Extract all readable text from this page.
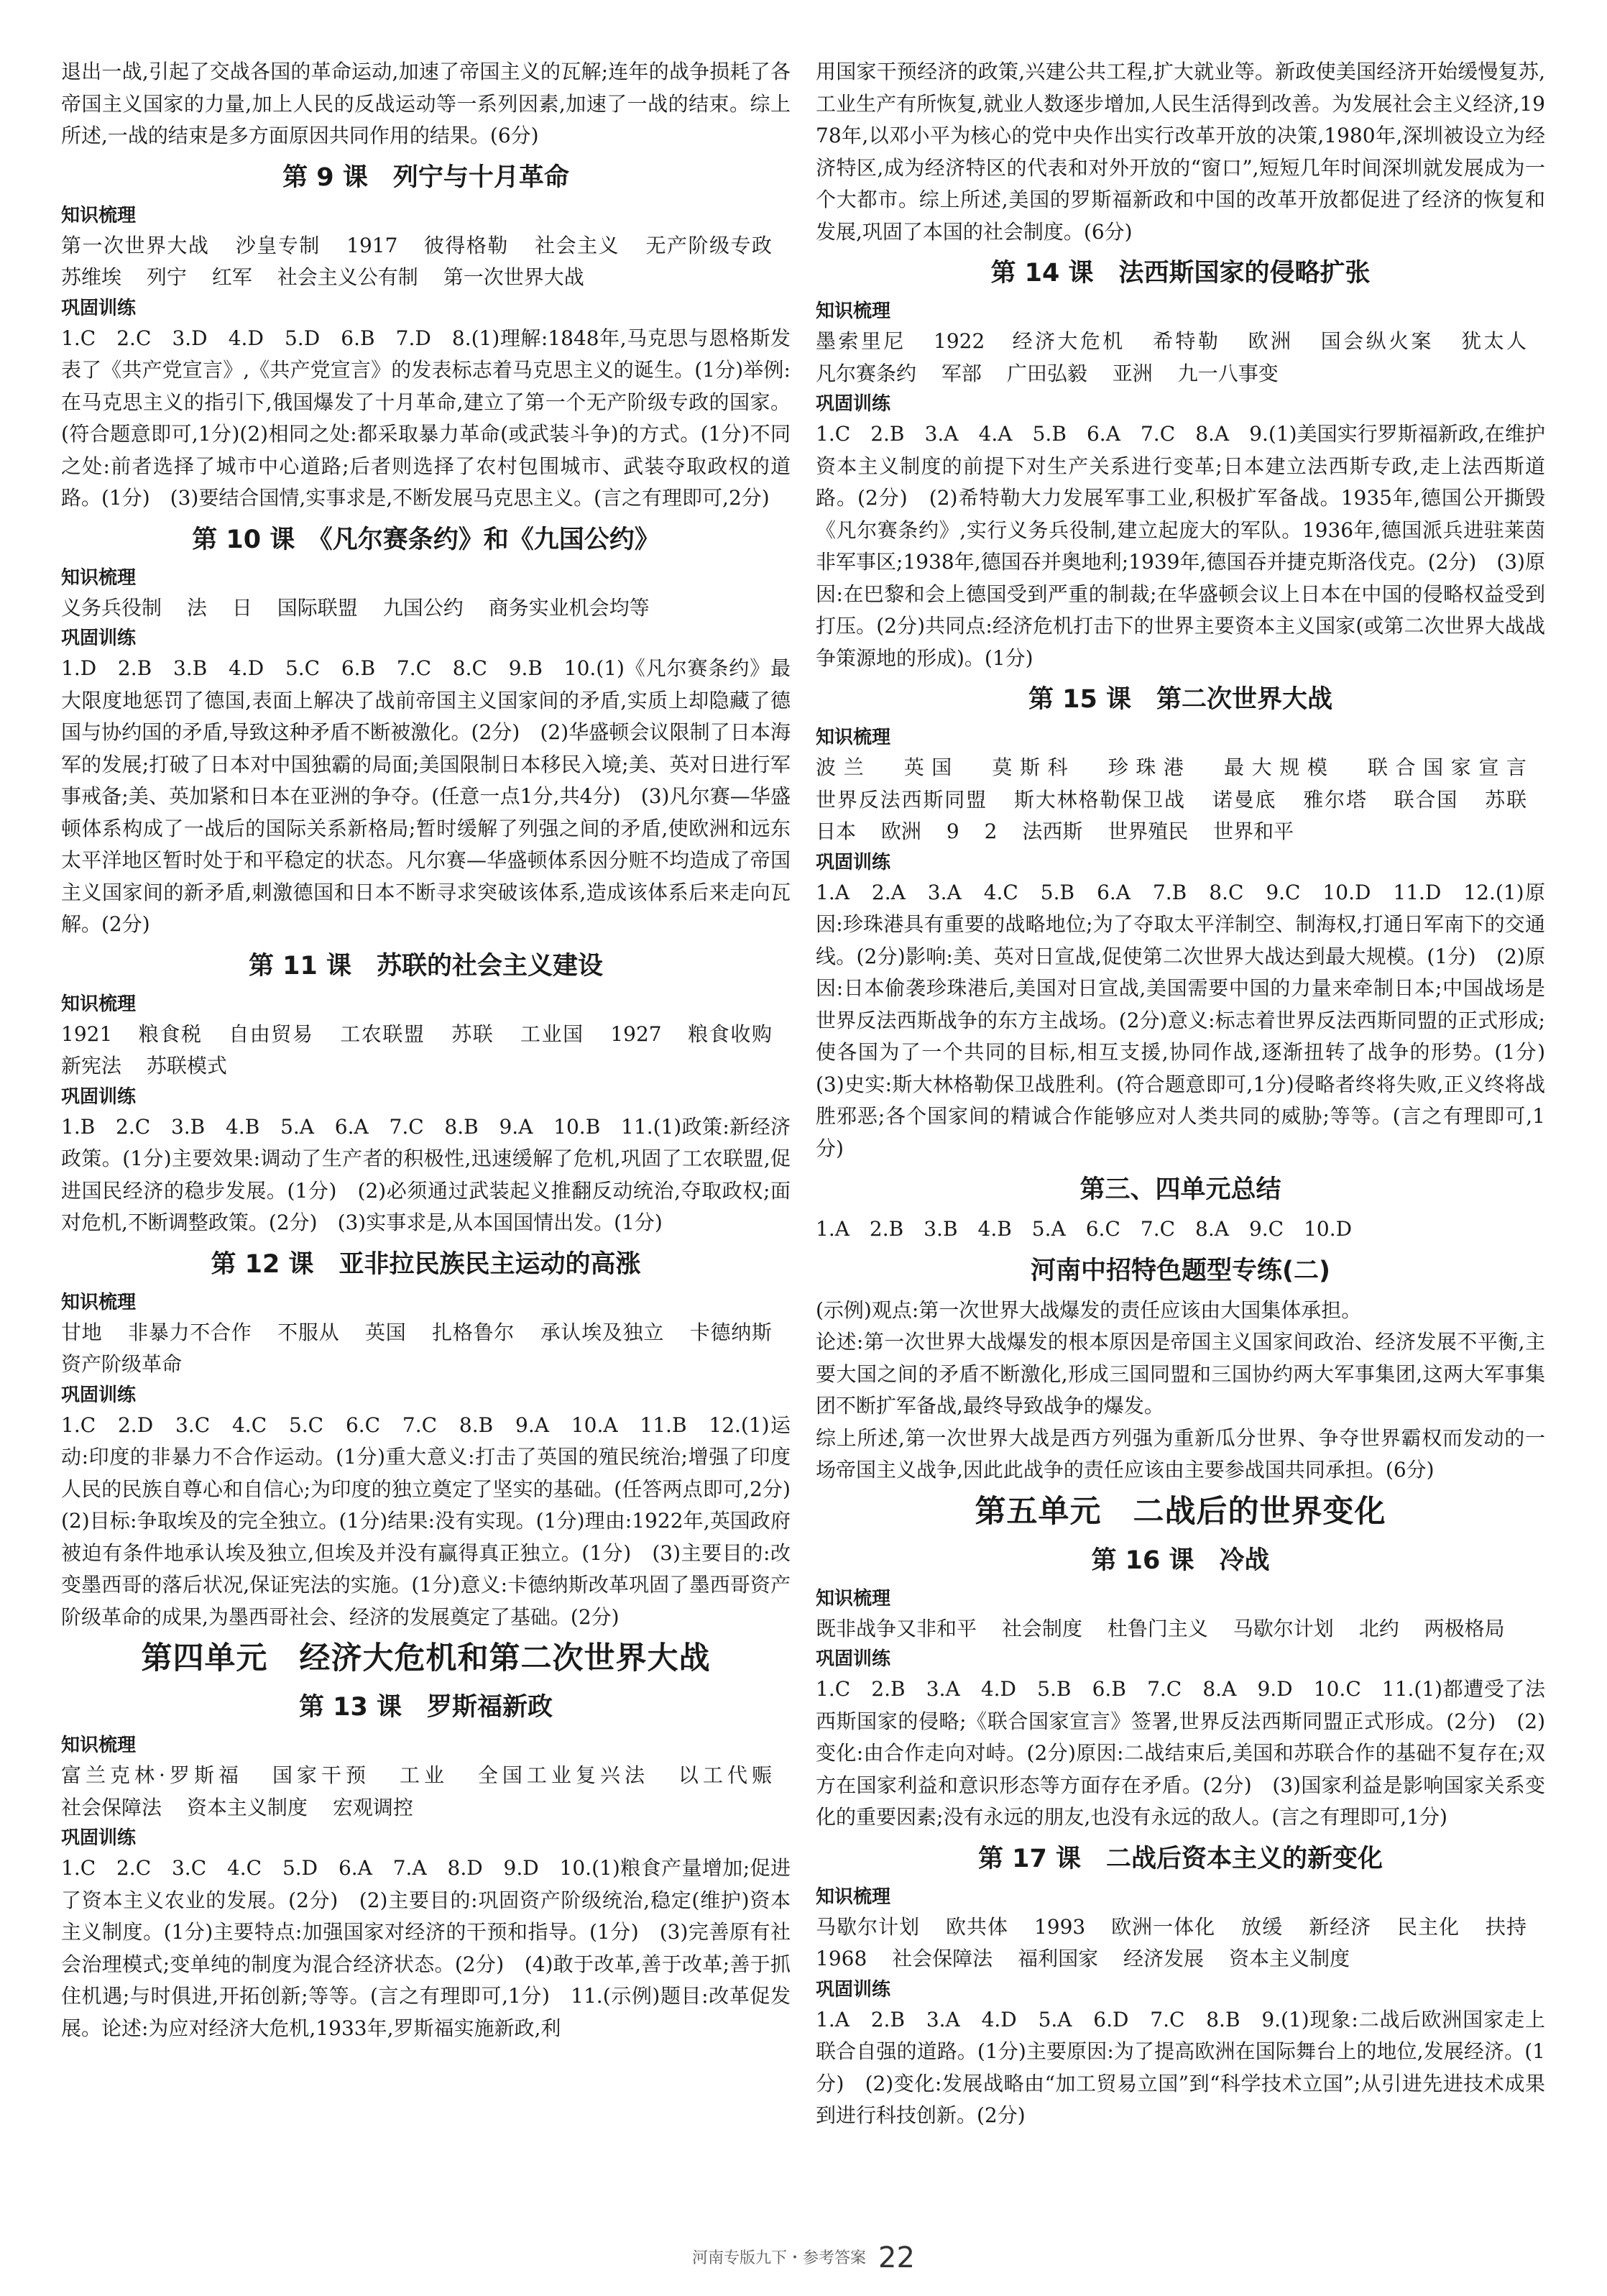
退出一战,引起了交战各国的革命运动,加速了帝国主义的瓦解;连年的战争损耗了各帝国主义国家的力量,加上人民的反战运动等一系列因素,加速了一战的结束。综上所述,一战的结束是多方面原因共同作用的结果。(6分)

第 9 课　列宁与十月革命
知识梳理

第一次世界大战 沙皇专制 1917 彼得格勒 社会主义 无产阶级专政 苏维埃 列宁 红军 社会主义公有制 第一次世界大战

巩固训练

1.C　2.C　3.D　4.D　5.D　6.B　7.D　8.(1)理解:1848年,马克思与恩格斯发表了《共产党宣言》,《共产党宣言》的发表标志着马克思主义的诞生。(1分)举例:在马克思主义的指引下,俄国爆发了十月革命,建立了第一个无产阶级专政的国家。(符合题意即可,1分)(2)相同之处:都采取暴力革命(或武装斗争)的方式。(1分)不同之处:前者选择了城市中心道路;后者则选择了农村包围城市、武装夺取政权的道路。(1分)　(3)要结合国情,实事求是,不断发展马克思主义。(言之有理即可,2分)

第 10 课　《凡尔赛条约》和《九国公约》
知识梳理

义务兵役制 法 日 国际联盟 九国公约 商务实业机会均等

巩固训练

1.D　2.B　3.B　4.D　5.C　6.B　7.C　8.C　9.B　10.(1)《凡尔赛条约》最大限度地惩罚了德国,表面上解决了战前帝国主义国家间的矛盾,实质上却隐藏了德国与协约国的矛盾,导致这种矛盾不断被激化。(2分)　(2)华盛顿会议限制了日本海军的发展;打破了日本对中国独霸的局面;美国限制日本移民入境;美、英对日进行军事戒备;美、英加紧和日本在亚洲的争夺。(任意一点1分,共4分)　(3)凡尔赛—华盛顿体系构成了一战后的国际关系新格局;暂时缓解了列强之间的矛盾,使欧洲和远东太平洋地区暂时处于和平稳定的状态。凡尔赛—华盛顿体系因分赃不均造成了帝国主义国家间的新矛盾,刺激德国和日本不断寻求突破该体系,造成该体系后来走向瓦解。(2分)

第 11 课　苏联的社会主义建设
知识梳理

1921 粮食税 自由贸易 工农联盟 苏联 工业国 1927 粮食收购 新宪法 苏联模式

巩固训练

1.B　2.C　3.B　4.B　5.A　6.A　7.C　8.B　9.A　10.B　11.(1)政策:新经济政策。(1分)主要效果:调动了生产者的积极性,迅速缓解了危机,巩固了工农联盟,促进国民经济的稳步发展。(1分)　(2)必须通过武装起义推翻反动统治,夺取政权;面对危机,不断调整政策。(2分)　(3)实事求是,从本国国情出发。(1分)

第 12 课　亚非拉民族民主运动的高涨
知识梳理

甘地 非暴力不合作 不服从 英国 扎格鲁尔 承认埃及独立 卡德纳斯 资产阶级革命

巩固训练

1.C　2.D　3.C　4.C　5.C　6.C　7.C　8.B　9.A　10.A　11.B　12.(1)运动:印度的非暴力不合作运动。(1分)重大意义:打击了英国的殖民统治;增强了印度人民的民族自尊心和自信心;为印度的独立奠定了坚实的基础。(任答两点即可,2分)　(2)目标:争取埃及的完全独立。(1分)结果:没有实现。(1分)理由:1922年,英国政府被迫有条件地承认埃及独立,但埃及并没有赢得真正独立。(1分)　(3)主要目的:改变墨西哥的落后状况,保证宪法的实施。(1分)意义:卡德纳斯改革巩固了墨西哥资产阶级革命的成果,为墨西哥社会、经济的发展奠定了基础。(2分)

第四单元　经济大危机和第二次世界大战
第 13 课　罗斯福新政
知识梳理

富兰克林·罗斯福 国家干预 工业 全国工业复兴法 以工代赈 社会保障法 资本主义制度 宏观调控

巩固训练

1.C　2.C　3.C　4.C　5.D　6.A　7.A　8.D　9.D　10.(1)粮食产量增加;促进了资本主义农业的发展。(2分)　(2)主要目的:巩固资产阶级统治,稳定(维护)资本主义制度。(1分)主要特点:加强国家对经济的干预和指导。(1分)　(3)完善原有社会治理模式;变单纯的制度为混合经济状态。(2分)　(4)敢于改革,善于改革;善于抓住机遇;与时俱进,开拓创新;等等。(言之有理即可,1分)　11.(示例)题目:改革促发展。论述:为应对经济大危机,1933年,罗斯福实施新政,利

用国家干预经济的政策,兴建公共工程,扩大就业等。新政使美国经济开始缓慢复苏,工业生产有所恢复,就业人数逐步增加,人民生活得到改善。为发展社会主义经济,1978年,以邓小平为核心的党中央作出实行改革开放的决策,1980年,深圳被设立为经济特区,成为经济特区的代表和对外开放的“窗口”,短短几年时间深圳就发展成为一个大都市。综上所述,美国的罗斯福新政和中国的改革开放都促进了经济的恢复和发展,巩固了本国的社会制度。(6分)

第 14 课　法西斯国家的侵略扩张
知识梳理

墨索里尼 1922 经济大危机 希特勒 欧洲 国会纵火案 犹太人 凡尔赛条约 军部 广田弘毅 亚洲 九一八事变

巩固训练

1.C　2.B　3.A　4.A　5.B　6.A　7.C　8.A　9.(1)美国实行罗斯福新政,在维护资本主义制度的前提下对生产关系进行变革;日本建立法西斯专政,走上法西斯道路。(2分)　(2)希特勒大力发展军事工业,积极扩军备战。1935年,德国公开撕毁《凡尔赛条约》,实行义务兵役制,建立起庞大的军队。1936年,德国派兵进驻莱茵非军事区;1938年,德国吞并奥地利;1939年,德国吞并捷克斯洛伐克。(2分)　(3)原因:在巴黎和会上德国受到严重的制裁;在华盛顿会议上日本在中国的侵略权益受到打压。(2分)共同点:经济危机打击下的世界主要资本主义国家(或第二次世界大战战争策源地的形成)。(1分)

第 15 课　第二次世界大战
知识梳理

波兰 英国 莫斯科 珍珠港 最大规模 联合国家宣言 世界反法西斯同盟 斯大林格勒保卫战 诺曼底 雅尔塔 联合国 苏联 日本 欧洲 9 2 法西斯 世界殖民 世界和平

巩固训练

1.A　2.A　3.A　4.C　5.B　6.A　7.B　8.C　9.C　10.D　11.D　12.(1)原因:珍珠港具有重要的战略地位;为了夺取太平洋制空、制海权,打通日军南下的交通线。(2分)影响:美、英对日宣战,促使第二次世界大战达到最大规模。(1分)　(2)原因:日本偷袭珍珠港后,美国对日宣战,美国需要中国的力量来牵制日本;中国战场是世界反法西斯战争的东方主战场。(2分)意义:标志着世界反法西斯同盟的正式形成;使各国为了一个共同的目标,相互支援,协同作战,逐渐扭转了战争的形势。(1分)　(3)史实:斯大林格勒保卫战胜利。(符合题意即可,1分)侵略者终将失败,正义终将战胜邪恶;各个国家间的精诚合作能够应对人类共同的威胁;等等。(言之有理即可,1分)

第三、四单元总结

1.A　2.B　3.B　4.B　5.A　6.C　7.C　8.A　9.C　10.D

河南中招特色题型专练(二)

(示例)观点:第一次世界大战爆发的责任应该由大国集体承担。

论述:第一次世界大战爆发的根本原因是帝国主义国家间政治、经济发展不平衡,主要大国之间的矛盾不断激化,形成三国同盟和三国协约两大军事集团,这两大军事集团不断扩军备战,最终导致战争的爆发。

综上所述,第一次世界大战是西方列强为重新瓜分世界、争夺世界霸权而发动的一场帝国主义战争,因此此战争的责任应该由主要参战国共同承担。(6分)

第五单元　二战后的世界变化
第 16 课　冷战
知识梳理

既非战争又非和平 社会制度 杜鲁门主义 马歇尔计划 北约 两极格局

巩固训练

1.C　2.B　3.A　4.D　5.B　6.B　7.C　8.A　9.D　10.C　11.(1)都遭受了法西斯国家的侵略;《联合国家宣言》签署,世界反法西斯同盟正式形成。(2分)　(2)变化:由合作走向对峙。(2分)原因:二战结束后,美国和苏联合作的基础不复存在;双方在国家利益和意识形态等方面存在矛盾。(2分)　(3)国家利益是影响国家关系变化的重要因素;没有永远的朋友,也没有永远的敌人。(言之有理即可,1分)

第 17 课　二战后资本主义的新变化
知识梳理

马歇尔计划 欧共体 1993 欧洲一体化 放缓 新经济 民主化 扶持 1968 社会保障法 福利国家 经济发展 资本主义制度

巩固训练

1.A　2.B　3.A　4.D　5.A　6.D　7.C　8.B　9.(1)现象:二战后欧洲国家走上联合自强的道路。(1分)主要原因:为了提高欧洲在国际舞台上的地位,发展经济。(1分)　(2)变化:发展战略由“加工贸易立国”到“科学技术立国”;从引进先进技术成果到进行科技创新。(2分)

河南专版九下・参考答案 22
